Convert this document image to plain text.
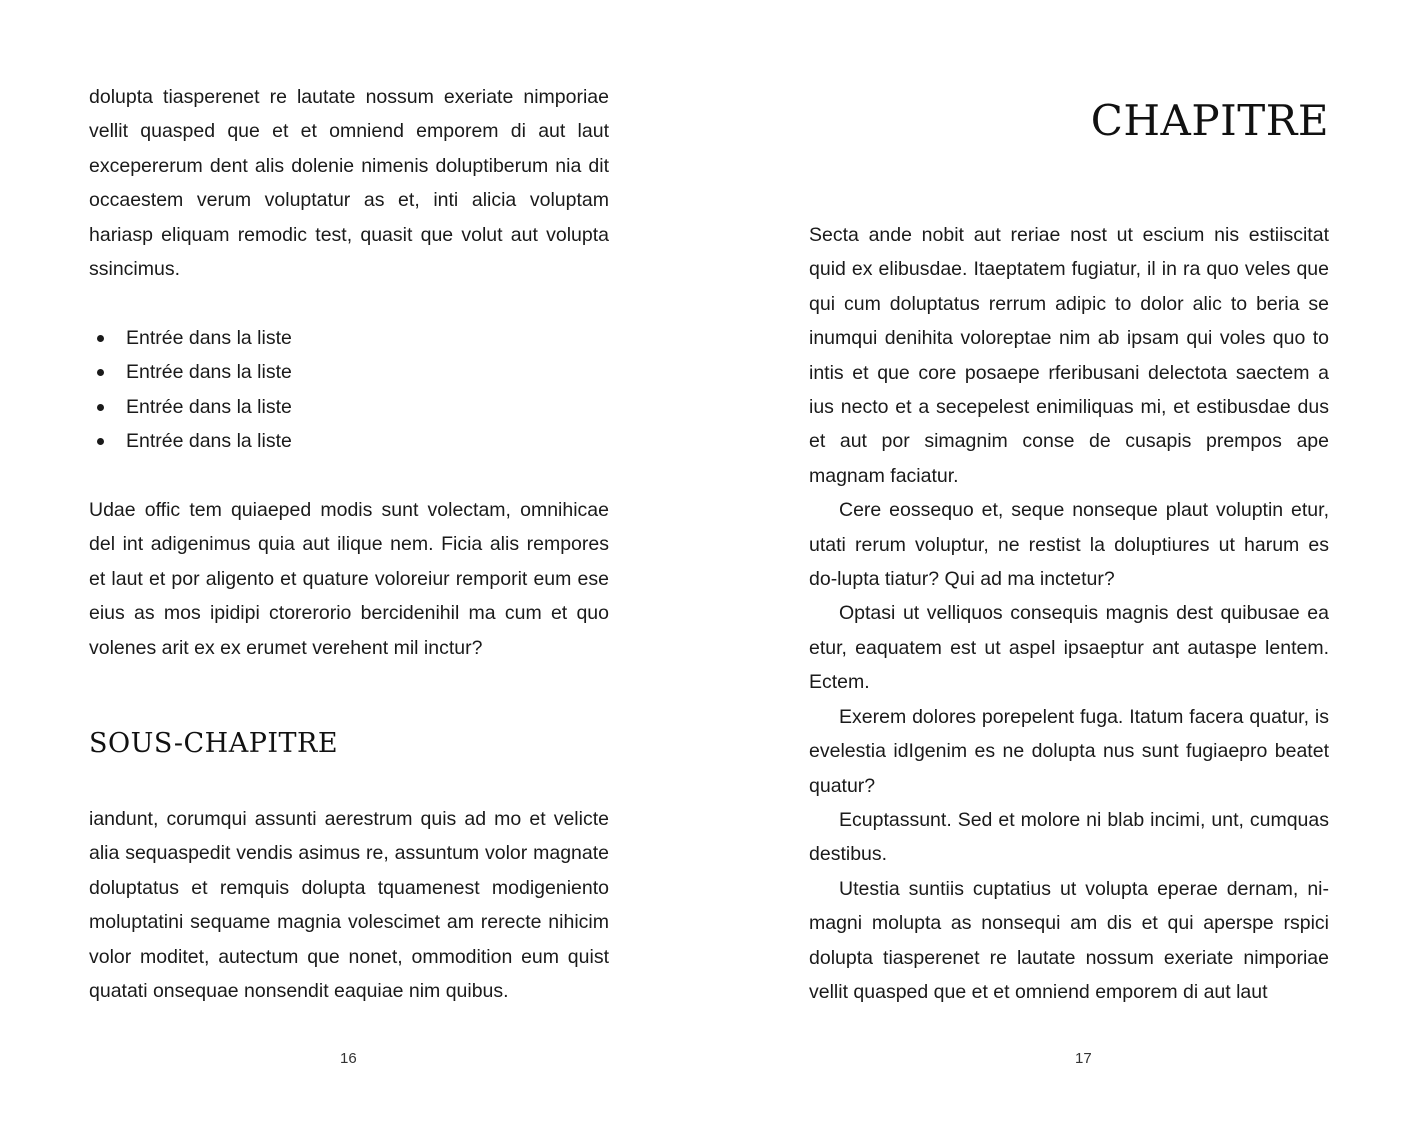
dolupta tiasperenet re lautate nossum exeriate nimporiae vellit quasped que et et omniend emporem di aut laut excepererum dent alis dolenie nimenis doluptiberum nia dit occaestem verum voluptatur as et, inti alicia voluptam hariasp eliquam remodic test, quasit que volut aut volupta ssincimus.

Entrée dans la liste
Entrée dans la liste
Entrée dans la liste
Entrée dans la liste

Udae offic tem quiaeped modis sunt volectam, omnihicae del int adigenimus quia aut ilique nem. Ficia alis rempores et laut et por aligento et quature voloreiur remporit eum ese eius as mos ipidipi ctorerorio bercidenihil ma cum et quo volenes arit ex ex erumet verehent mil inctur?

SOUS-CHAPITRE

iandunt, corumqui assunti aerestrum quis ad mo et velicte alia sequaspedit vendis asimus re, assuntum volor magnate doluptatus et remquis dolupta tquamenest modigeniento moluptatini sequame magnia volescimet am rerecte nihicim volor moditet, autectum que nonet, ommodition eum quist quatati onsequae nonsendit eaquiae nim quibus.

16
CHAPITRE

Secta ande nobit aut reriae nost ut escium nis estiiscitat quid ex elibusdae. Itaeptatem fugiatur, il in ra quo veles que qui cum doluptatus rerrum adipic to dolor alic to beria se inumqui denihita voloreptae nim ab ipsam qui voles quo to intis et que core posaepe rferibusani delectota saectem a ius necto et a secepelest enimiliquas mi, et estibusdae dus et aut por simagnim conse de cusapis prempos ape magnam faciatur.

Cere eossequo et, seque nonseque plaut voluptin etur, utati rerum voluptur, ne restist la doluptiures ut harum es do-lupta tiatur? Qui ad ma inctetur?

Optasi ut velliquos consequis magnis dest quibusae ea etur, eaquatem est ut aspel ipsaeptur ant autaspe lentem. Ectem.

Exerem dolores porepelent fuga. Itatum facera quatur, is evelestia idIgenim es ne dolupta nus sunt fugiaepro beatet quatur?

Ecuptassunt. Sed et molore ni blab incimi, unt, cumquas destibus.

Utestia suntiis cuptatius ut volupta eperae dernam, ni-magni molupta as nonsequi am dis et qui aperspe rspici dolupta tiasperenet re lautate nossum exeriate nimporiae vellit quasped que et et omniend emporem di aut laut

17
